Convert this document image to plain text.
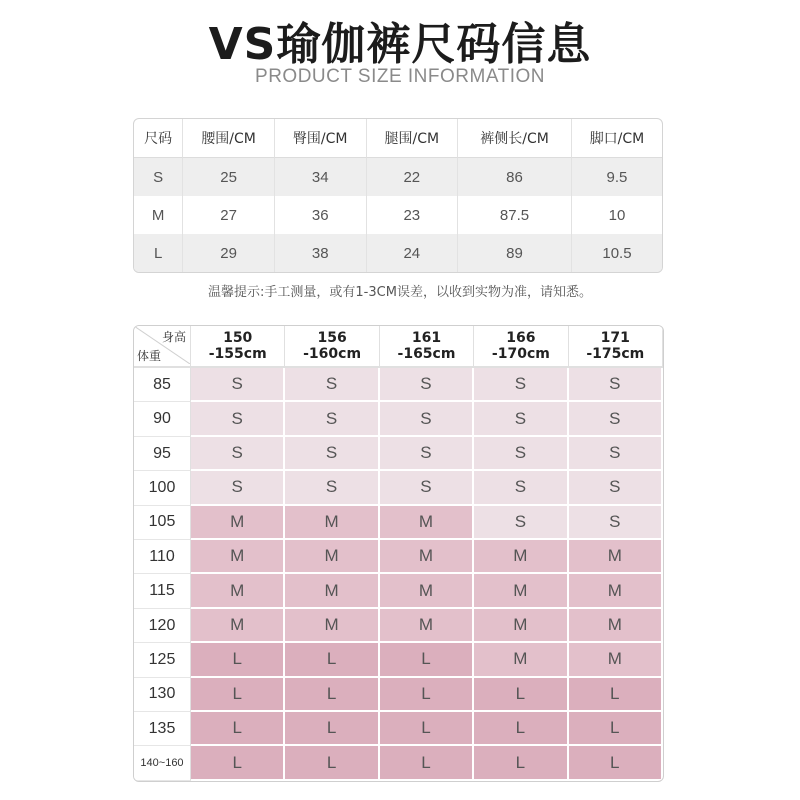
VS瑜伽裤尺码信息
PRODUCT SIZE INFORMATION
尺码	腰围/CM	臀围/CM	腿围/CM	裤侧长/CM	脚口/CM
S	25	34	22	86	9.5
M	27	36	23	87.5	10
L	29	38	24	89	10.5
温馨提示:手工测量，或有1-3CM误差，以收到实物为准，请知悉。
身高
体重	150 -155cm	156 -160cm	161 -165cm	166 -170cm	171 -175cm
85	S	S	S	S	S
90	S	S	S	S	S
95	S	S	S	S	S
100	S	S	S	S	S
105	M	M	M	S	S
110	M	M	M	M	M
115	M	M	M	M	M
120	M	M	M	M	M
125	L	L	L	M	M
130	L	L	L	L	L
135	L	L	L	L	L
140~160	L	L	L	L	L
